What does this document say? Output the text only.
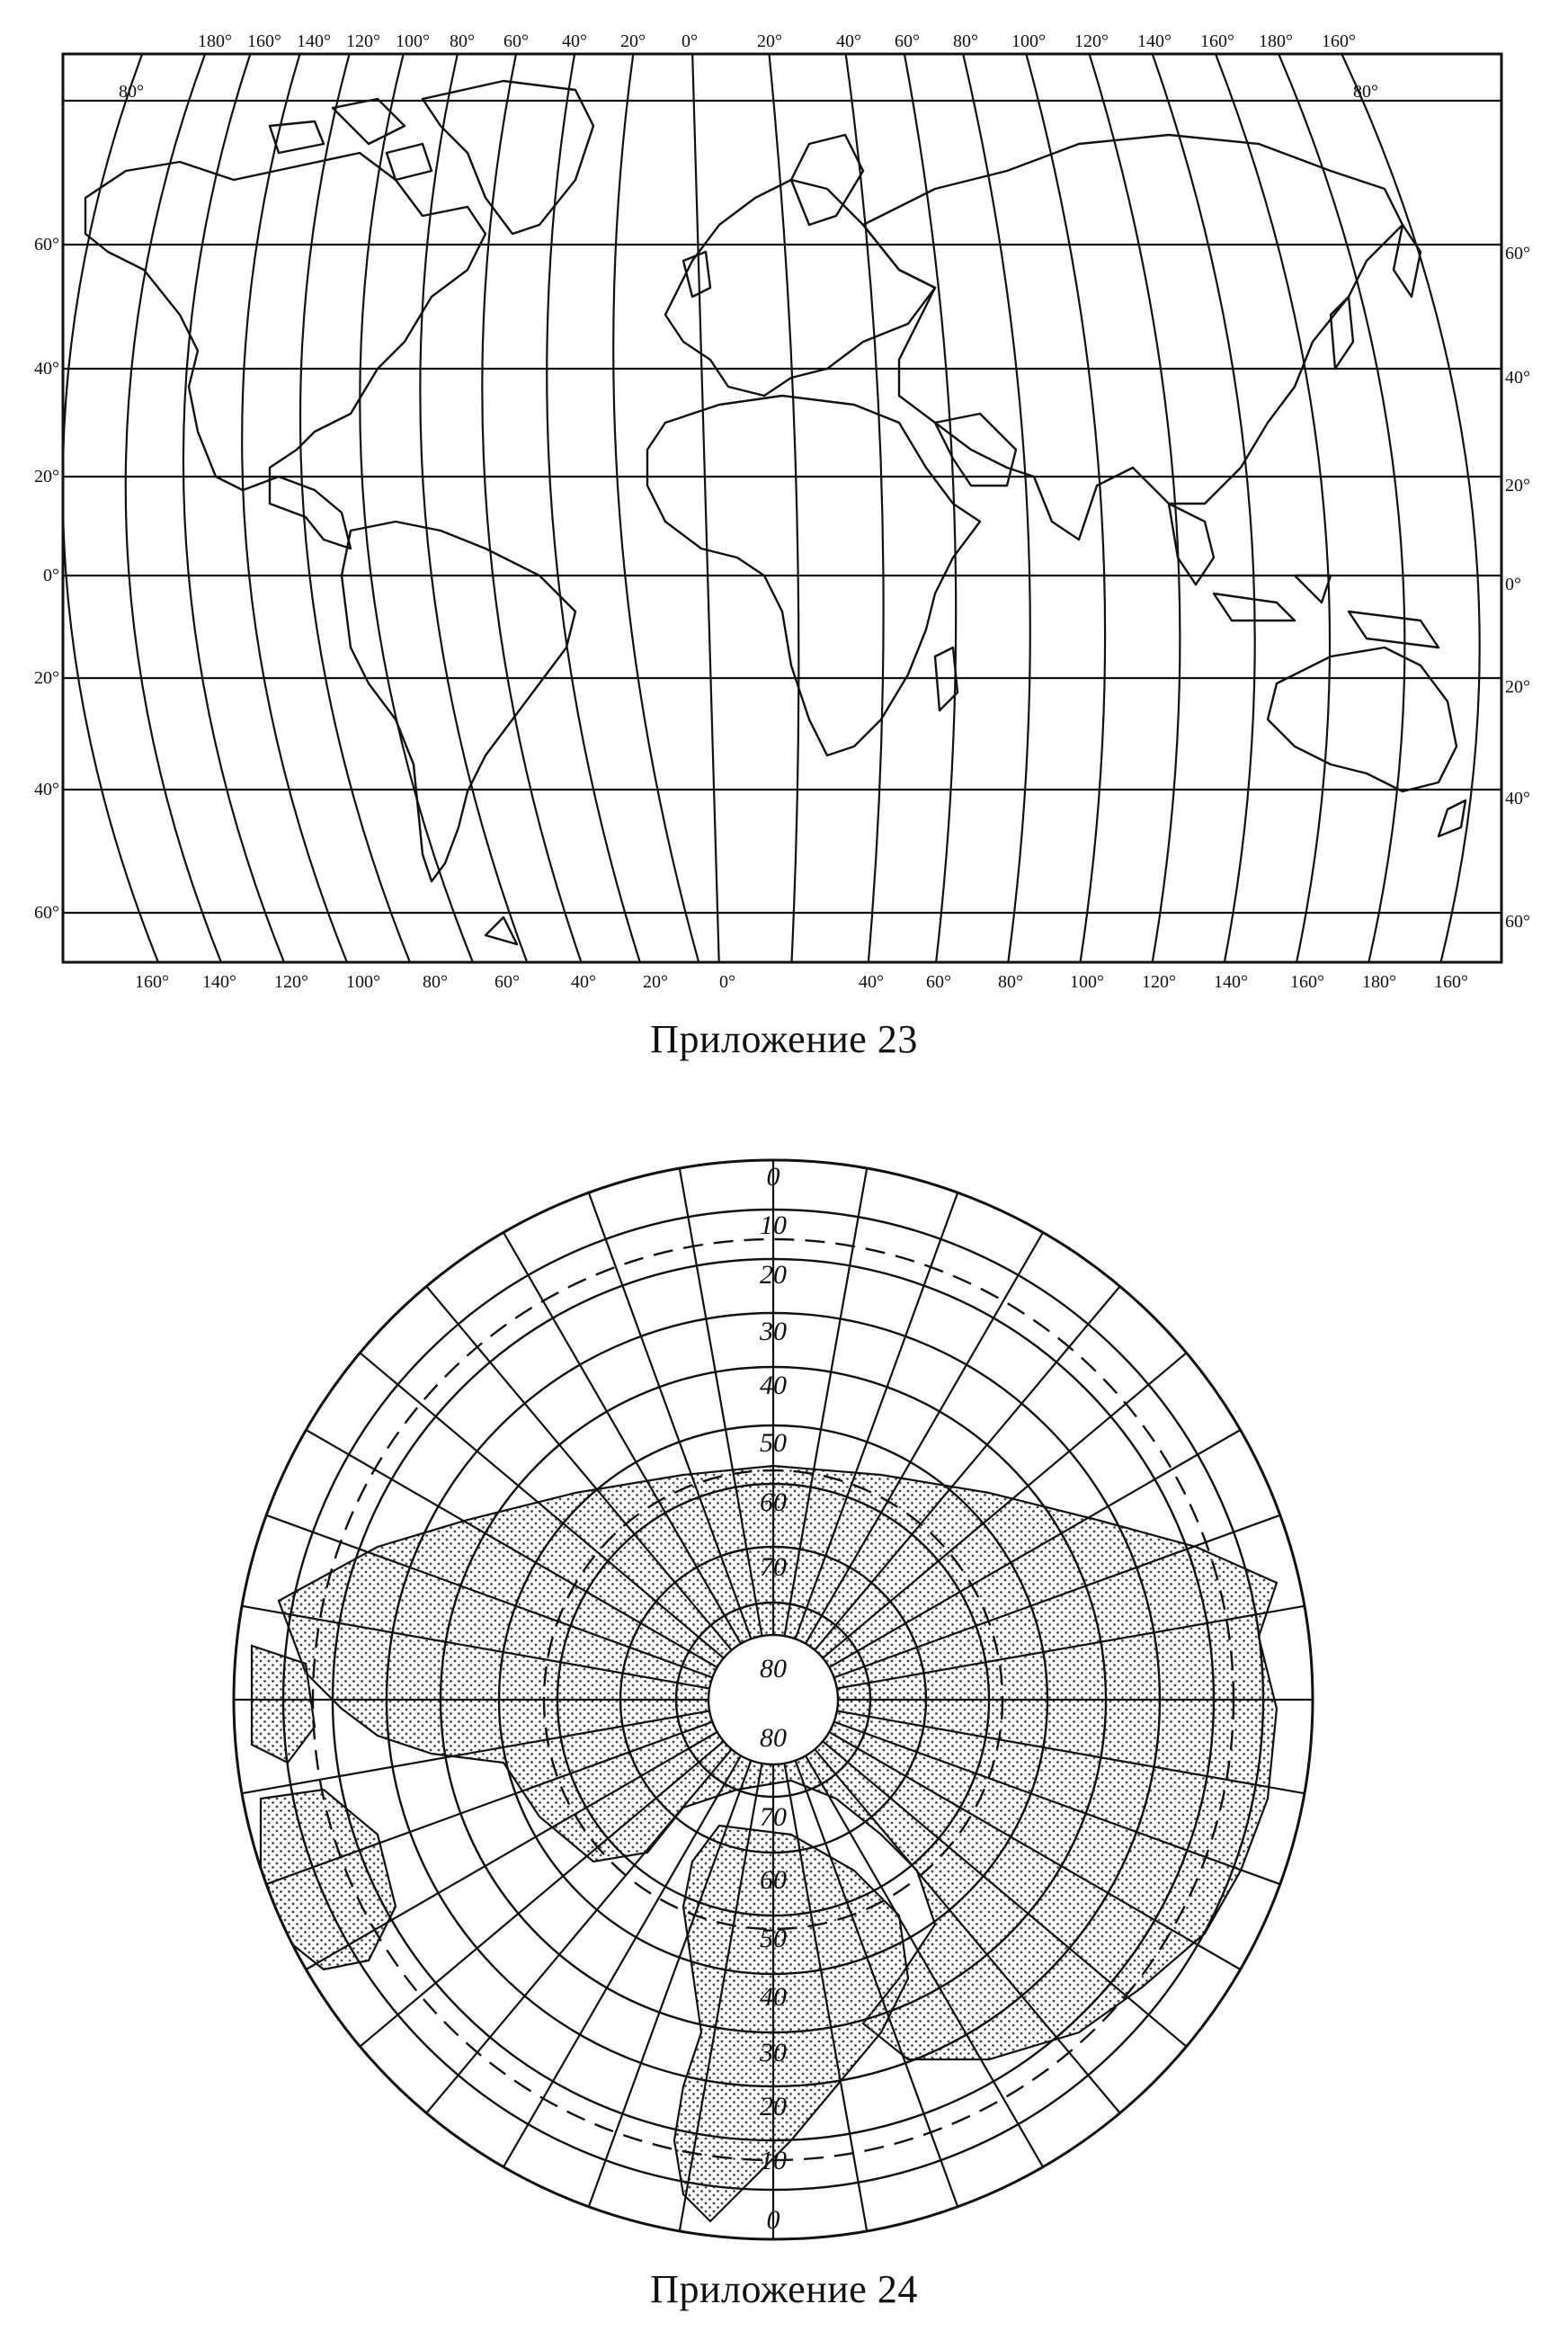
180° 160° 140° 120° 100° 80° 60° 40° 20° 0°	20°	40° 60° 80° 100° 120° 140° 160° 180° 160°
160° 140° 120° 100° 80°	60°	40°	20°	0°	40° 60°	80°	100° 120° 140° 160° 180° 160°
80°
60°
40°
20°
0°
20°
40°
60°
80°
60°
40°
20°
0°
20°
40°
60°
Приложение 23
0
10
20
30
40
50
60
70
80
80
70
60
50
40
30
20
10
0
Приложение 24
